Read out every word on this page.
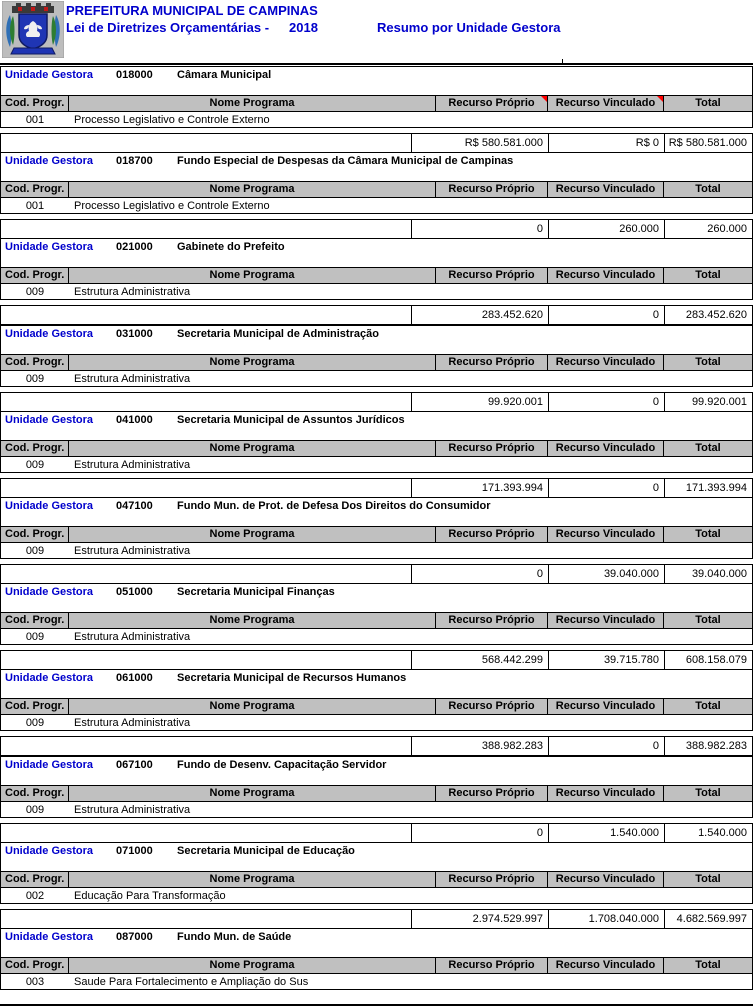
PREFEITURA MUNICIPAL DE CAMPINAS
Lei de Diretrizes Orçamentárias - 2018	Resumo por Unidade Gestora
Unidade Gestora 018000 Câmara Municipal
Cod. Progr.	Nome Programa	Recurso Próprio	Recurso Vinculado	Total
001	Processo Legislativo e Controle Externo
R$ 580.581.000	R$ 0 R$ 580.581.000
Unidade Gestora 018700 Fundo Especial de Despesas da Câmara Municipal de Campinas
Cod. Progr.	Nome Programa	Recurso Próprio	Recurso Vinculado	Total
001	Processo Legislativo e Controle Externo
0	260.000	260.000
Unidade Gestora 021000 Gabinete do Prefeito
Cod. Progr.	Nome Programa	Recurso Próprio	Recurso Vinculado	Total
009	Estrutura Administrativa
283.452.620	0	283.452.620
Unidade Gestora 031000 Secretaria Municipal de Administração
Cod. Progr.	Nome Programa	Recurso Próprio	Recurso Vinculado	Total
009	Estrutura Administrativa
99.920.001	0	99.920.001
Unidade Gestora 041000 Secretaria Municipal de Assuntos Jurídicos
Cod. Progr.	Nome Programa	Recurso Próprio	Recurso Vinculado	Total
009	Estrutura Administrativa
171.393.994	0	171.393.994
Unidade Gestora 047100 Fundo Mun. de Prot. de Defesa Dos Direitos do Consumidor
Cod. Progr.	Nome Programa	Recurso Próprio	Recurso Vinculado	Total
009	Estrutura Administrativa
0	39.040.000	39.040.000
Unidade Gestora 051000 Secretaria Municipal Finanças
Cod. Progr.	Nome Programa	Recurso Próprio	Recurso Vinculado	Total
009	Estrutura Administrativa
568.442.299	39.715.780	608.158.079
Unidade Gestora 061000 Secretaria Municipal de Recursos Humanos
Cod. Progr.	Nome Programa	Recurso Próprio	Recurso Vinculado	Total
009	Estrutura Administrativa
388.982.283	0	388.982.283
Unidade Gestora 067100 Fundo de Desenv. Capacitação Servidor
Cod. Progr.	Nome Programa	Recurso Próprio	Recurso Vinculado	Total
009	Estrutura Administrativa
0	1.540.000	1.540.000
Unidade Gestora 071000 Secretaria Municipal de Educação
Cod. Progr.	Nome Programa	Recurso Próprio	Recurso Vinculado	Total
002	Educação Para Transformação
2.974.529.997	1.708.040.000	4.682.569.997
Unidade Gestora 087000 Fundo Mun. de Saúde
Cod. Progr.	Nome Programa	Recurso Próprio	Recurso Vinculado	Total
003	Saude Para Fortalecimento e Ampliação do Sus
